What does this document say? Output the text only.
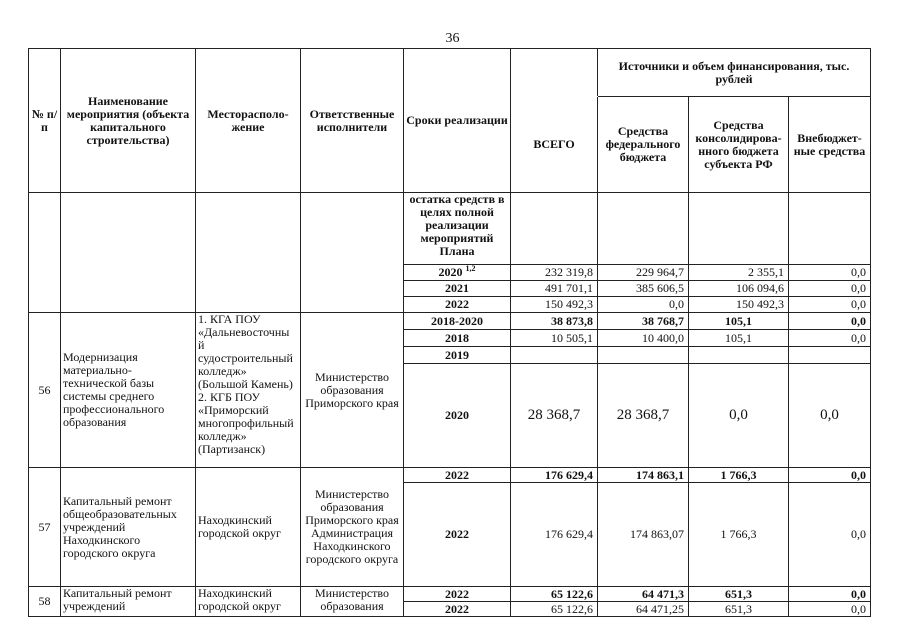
36
№ п/п	Наименование мероприятия (объекта капитального строительства)	Месторасполо-жение	Ответственные исполнители	Сроки реализации		Источники и объем финансирования, тыс. рублей		
					ВСЕГО	Средства федерального бюджета	Средства консолидирова-нного бюджета субъекта РФ	Внебюджет-ные средства
				остатка средств в целях полной реализации мероприятий Плана				
				2020 $^{1,2}$	232 319,8	229 964,7	2 355,1	0,0
				2021	491 701,1	385 606,5	106 094,6	0,0
				2022	150 492,3	0,0	150 492,3	0,0
56	Модернизация материально-технической базы системы среднего профессионального образования	1. КГА ПОУ «Дальневосточны й судостроительный колледж» (Большой Камень) 2. КГБ ПОУ «Приморский многопрофильный колледж» (Партизанск)	Министерство образования Приморского края	2018-2020	38 873,8	38 768,7	105,1	0,0
				2018	10 505,1	10 400,0	105,1	0,0
				2019				
				2020	28 368,7	28 368,7	0,0	0,0
57	Капитальный ремонт общеобразовательных учреждений Находкинского городского округа	Находкинский городской округ	Министерство образования Приморского края Администрация Находкинского городского округа	2022	176 629,4	174 863,1	1 766,3	0,0
				2022	176 629,4	174 863,07	1 766,3	0,0
58	Капитальный ремонт учреждений	Находкинский городской округ	Министерство образования	2022	65 122,6	64 471,3	651,3	0,0
				2022	65 122,6	64 471,25	651,3	0,0
